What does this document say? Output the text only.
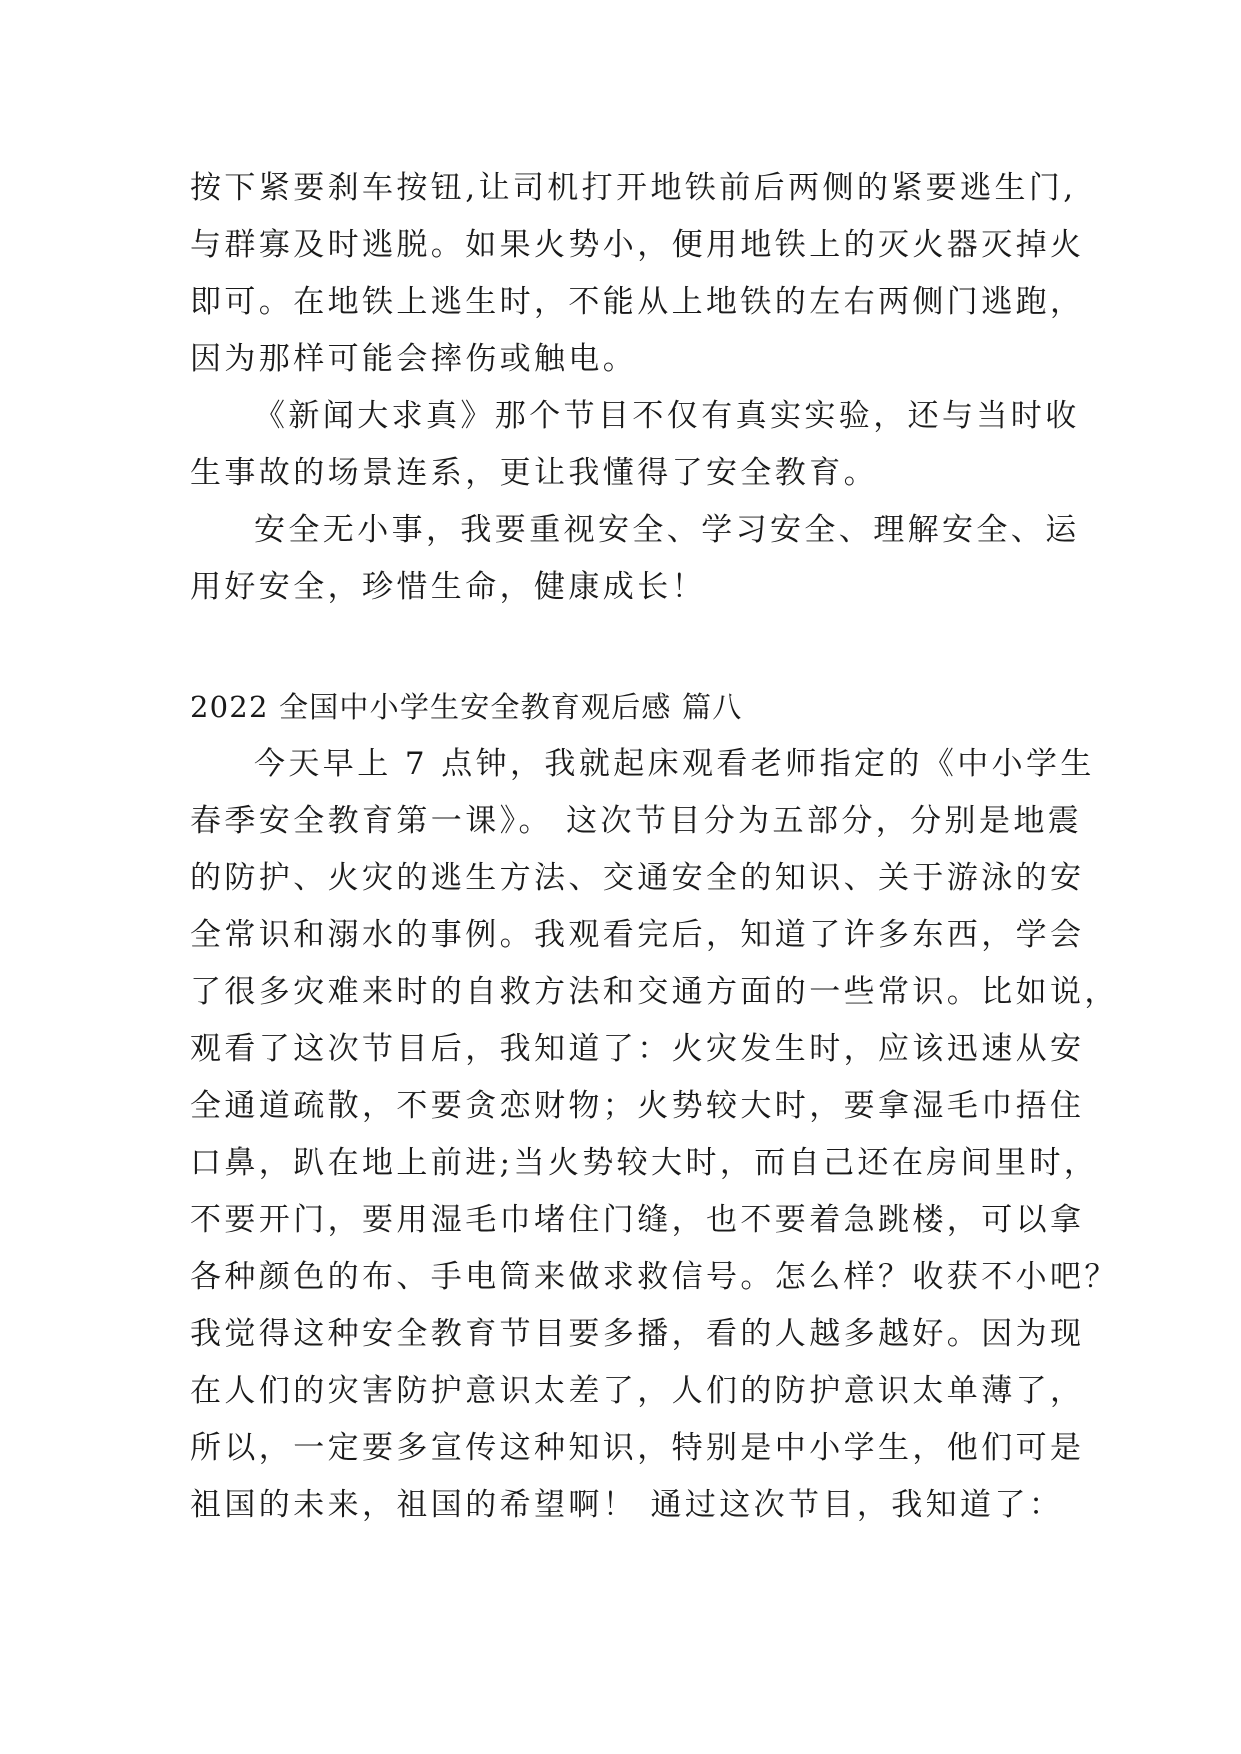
按下紧要刹车按钮,让司机打开地铁前后两侧的紧要逃生门,
与群寡及时逃脱。如果火势小，便用地铁上的灭火器灭掉火
即可。在地铁上逃生时，不能从上地铁的左右两侧门逃跑，
因为那样可能会摔伤或触电。
《新闻大求真》那个节目不仅有真实实验，还与当时收
生事故的场景连系，更让我懂得了安全教育。
安全无小事，我要重视安全、学习安全、理解安全、运
用好安全，珍惜生命，健康成长！
2022 全国中小学生安全教育观后感 篇八
今天早上 7 点钟，我就起床观看老师指定的《中小学生
春季安全教育第一课》。 这次节目分为五部分，分别是地震
的防护、火灾的逃生方法、交通安全的知识、关于游泳的安
全常识和溺水的事例。我观看完后，知道了许多东西，学会
了很多灾难来时的自救方法和交通方面的一些常识。比如说，
观看了这次节目后，我知道了：火灾发生时，应该迅速从安
全通道疏散，不要贪恋财物；火势较大时，要拿湿毛巾捂住
口鼻，趴在地上前进;当火势较大时，而自己还在房间里时，
不要开门，要用湿毛巾堵住门缝，也不要着急跳楼，可以拿
各种颜色的布、手电筒来做求救信号。怎么样？收获不小吧？
我觉得这种安全教育节目要多播，看的人越多越好。因为现
在人们的灾害防护意识太差了，人们的防护意识太单薄了，
所以，一定要多宣传这种知识，特别是中小学生，他们可是
祖国的未来，祖国的希望啊！ 通过这次节目，我知道了：
